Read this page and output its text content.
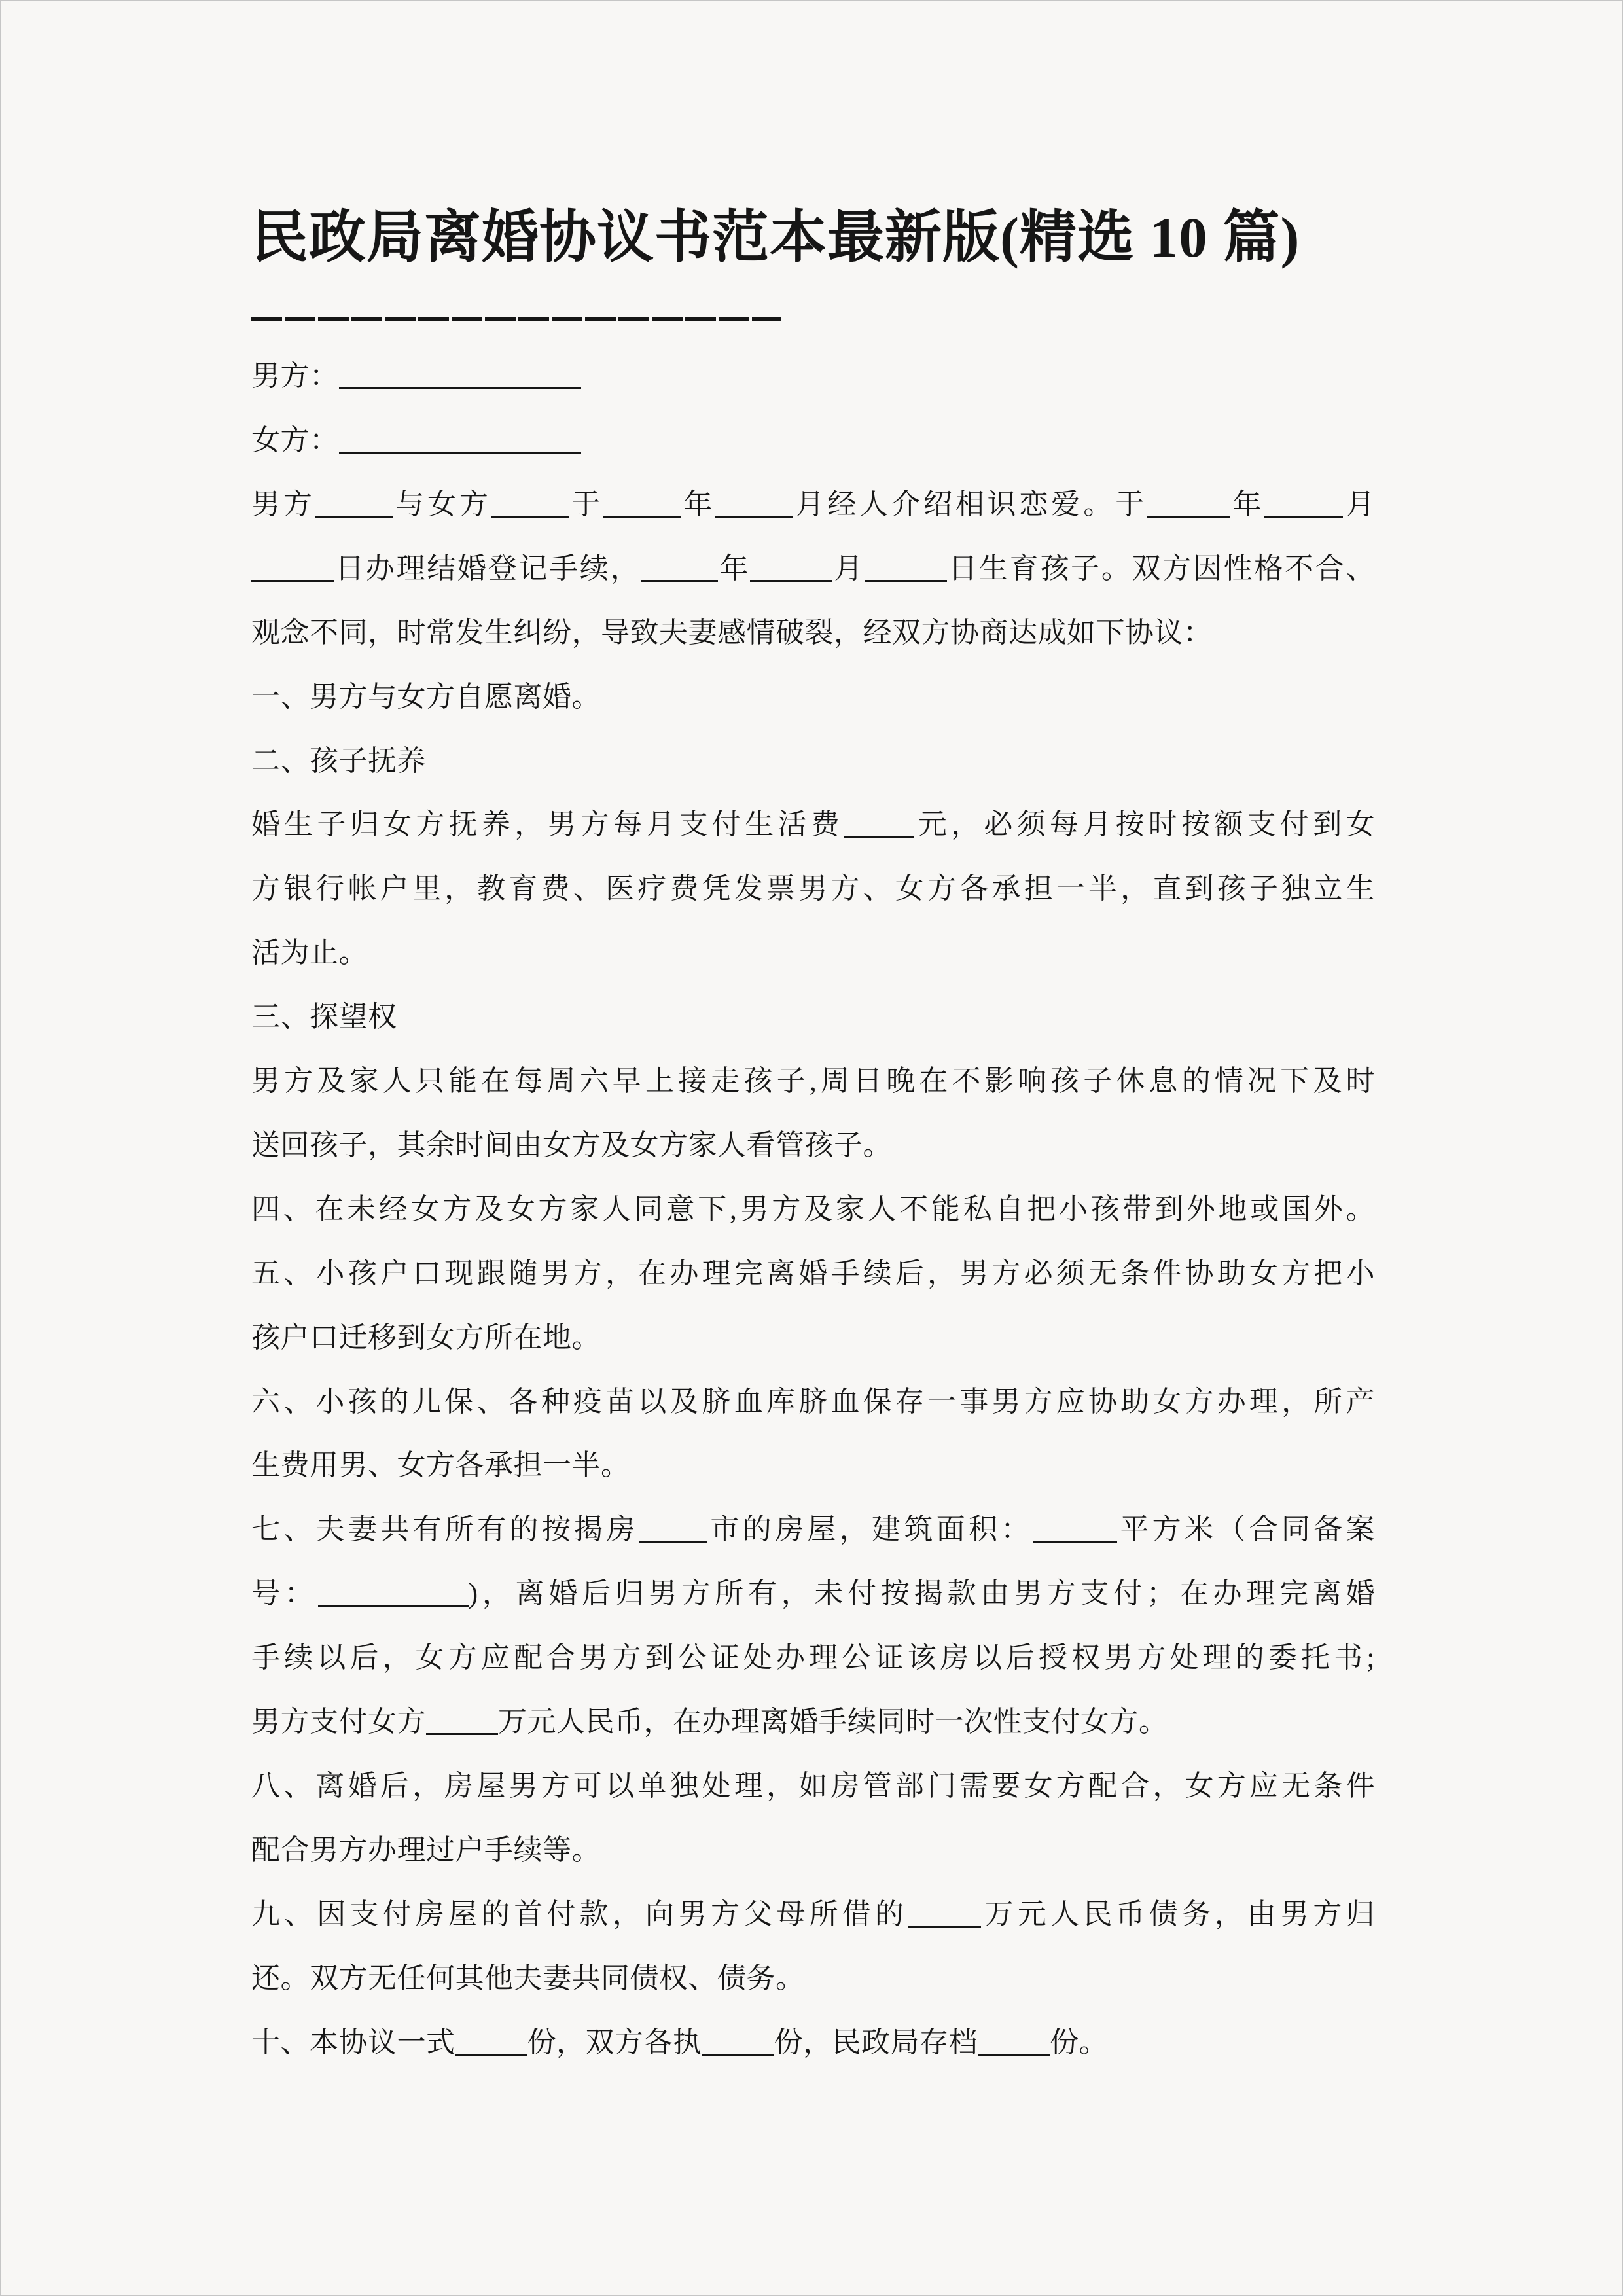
民政局离婚协议书范本最新版(精选 10 篇)
男方：
女方：
男方	与女方	于	年	月经人介绍相识恋爱。于	年	月
日办理结婚登记手续，	年	月	日生育孩子。双方因性格不合、
观念不同，时常发生纠纷，导致夫妻感情破裂，经双方协商达成如下协议：
一、男方与女方自愿离婚。
二、孩子抚养
婚生子归女方抚养，男方每月支付生活费 元，必须每月按时按额支付到女
方银行帐户里，教育费、医疗费凭发票男方、女方各承担一半，直到孩子独立生
活为止。
三、探望权
男方及家人只能在每周六早上接走孩子,周日晚在不影响孩子休息的情况下及时
送回孩子，其余时间由女方及女方家人看管孩子。
四、在未经女方及女方家人同意下,男方及家人不能私自把小孩带到外地或国外。
五、小孩户口现跟随男方，在办理完离婚手续后，男方必须无条件协助女方把小
孩户口迁移到女方所在地。
六、小孩的儿保、各种疫苗以及脐血库脐血保存一事男方应协助女方办理，所产
生费用男、女方各承担一半。
七、夫妻共有所有的按揭房 市的房屋，建筑面积：	平方米（合同备案
号：	)，离婚后归男方所有，未付按揭款由男方支付；在办理完离婚
手续以后，女方应配合男方到公证处办理公证该房以后授权男方处理的委托书;
男方支付女方	万元人民币，在办理离婚手续同时一次性支付女方。
八、离婚后，房屋男方可以单独处理，如房管部门需要女方配合，女方应无条件
配合男方办理过户手续等。
九、因支付房屋的首付款，向男方父母所借的	万元人民币债务，由男方归
还。双方无任何其他夫妻共同债权、债务。
十、本协议一式	份，双方各执	份，民政局存档	份。
